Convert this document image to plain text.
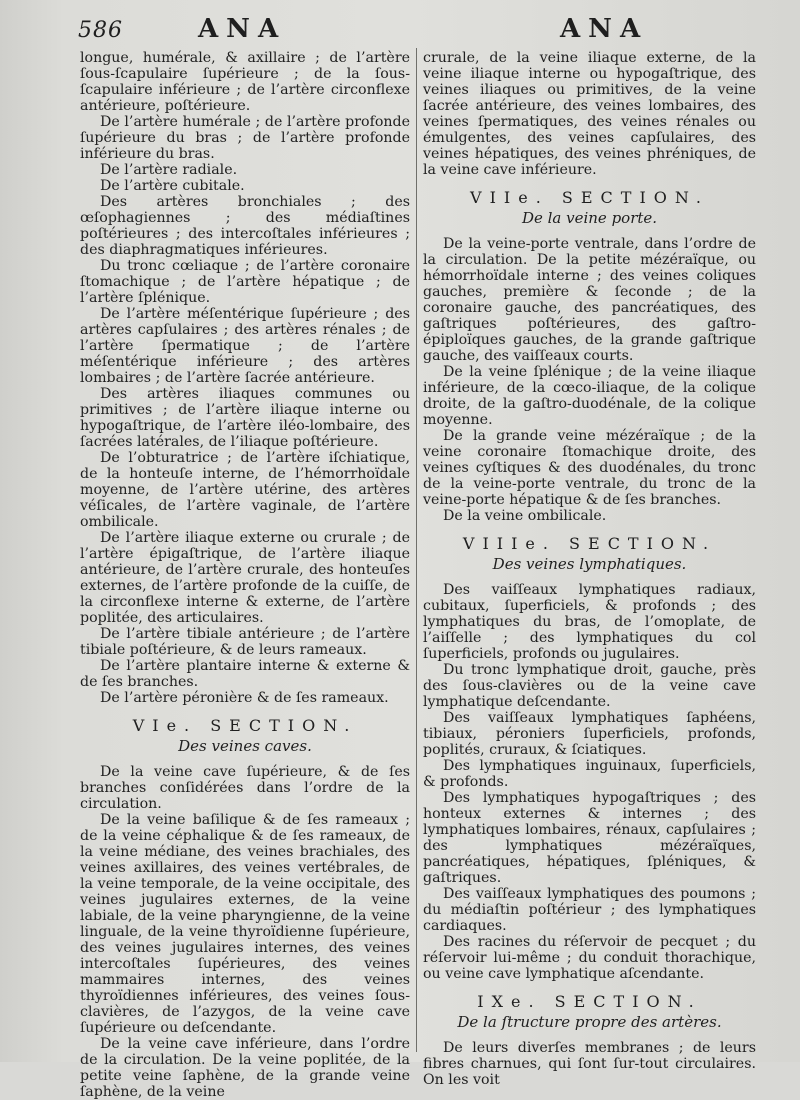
586	ANA	ANA

longue, humérale, & axillaire ; de l’artère ſous-ſcapulaire ſupérieure ; de la ſous-ſcapulaire inférieure ; de l’artère circonflexe antérieure, poſtérieure.

De l’artère humérale ; de l’artère profonde ſupérieure du bras ; de l’artère profonde inférieure du bras.

De l’artère radiale.

De l’artère cubitale.

Des artères bronchiales ; des œſophagiennes ; des médiaſtines poſtérieures ; des intercoſtales inférieures ; des diaphragmatiques inférieures.

Du tronc cœliaque ; de l’artère coronaire ſtomachique ; de l’artère hépatique ; de l’artère ſplénique.

De l’artère méſentérique ſupérieure ; des artères capſulaires ; des artères rénales ; de l’artère ſpermatique ; de l’artère méſentérique inférieure ; des artères lombaires ; de l’artère ſacrée antérieure.

Des artères iliaques communes ou primitives ; de l’artère iliaque interne ou hypogaſtrique, de l’artère iléo-lombaire, des ſacrées latérales, de l’iliaque poſtérieure.

De l’obturatrice ; de l’artère iſchiatique, de la honteuſe interne, de l’hémorrhoïdale moyenne, de l’artère utérine, des artères véſicales, de l’artère vaginale, de l’artère ombilicale.

De l’artère iliaque externe ou crurale ; de l’artère épigaſtrique, de l’artère iliaque antérieure, de l’artère crurale, des honteuſes externes, de l’artère profonde de la cuiſſe, de la circonflexe interne & externe, de l’artère poplitée, des articulaires.

De l’artère tibiale antérieure ; de l’artère tibiale poſtérieure, & de leurs rameaux.

De l’artère plantaire interne & externe & de ſes branches.

De l’artère péronière & de ſes rameaux.

VIe. SECTION.
Des veines caves.

De la veine cave ſupérieure, & de ſes branches conſidérées dans l’ordre de la circulation.

De la veine baſilique & de ſes rameaux ; de la veine céphalique & de ſes rameaux, de la veine médiane, des veines brachiales, des veines axillaires, des veines vertébrales, de la veine temporale, de la veine occipitale, des veines jugulaires externes, de la veine labiale, de la veine pharyngienne, de la veine linguale, de la veine thyroïdienne ſupérieure, des veines jugulaires internes, des veines intercoſtales ſupérieures, des veines mammaires internes, des veines thyroïdiennes inférieures, des veines ſous-clavières, de l’azygos, de la veine cave ſupérieure ou deſcendante.

De la veine cave inférieure, dans l’ordre de la circulation. De la veine poplitée, de la petite veine ſaphène, de la grande veine ſaphène, de la veine

crurale, de la veine iliaque externe, de la veine iliaque interne ou hypogaſtrique, des veines iliaques ou primitives, de la veine ſacrée antérieure, des veines lombaires, des veines ſpermatiques, des veines rénales ou émulgentes, des veines capſulaires, des veines hépatiques, des veines phréniques, de la veine cave inférieure.

VIIe. SECTION.
De la veine porte.

De la veine-porte ventrale, dans l’ordre de la circulation. De la petite mézéraïque, ou hémorrhoïdale interne ; des veines coliques gauches, première & ſeconde ; de la coronaire gauche, des pancréatiques, des gaſtriques poſtérieures, des gaſtro-épiploïques gauches, de la grande gaſtrique gauche, des vaiſſeaux courts.

De la veine ſplénique ; de la veine iliaque inférieure, de la cœco-iliaque, de la colique droite, de la gaſtro-duodénale, de la colique moyenne.

De la grande veine mézéraïque ; de la veine coronaire ſtomachique droite, des veines cyſtiques & des duodénales, du tronc de la veine-porte ventrale, du tronc de la veine-porte hépatique & de ſes branches.

De la veine ombilicale.

VIIIe. SECTION.
Des veines lymphatiques.

Des vaiſſeaux lymphatiques radiaux, cubitaux, ſuperficiels, & profonds ; des lymphatiques du bras, de l’omoplate, de l’aiſſelle ; des lymphatiques du col ſuperficiels, profonds ou jugulaires.

Du tronc lymphatique droit, gauche, près des ſous-clavières ou de la veine cave lymphatique deſcendante.

Des vaiſſeaux lymphatiques ſaphéens, tibiaux, péroniers ſuperficiels, profonds, poplités, cruraux, & ſciatiques.

Des lymphatiques inguinaux, ſuperficiels, & profonds.

Des lymphatiques hypogaſtriques ; des honteux externes & internes ; des lymphatiques lombaires, rénaux, capſulaires ; des lymphatiques mézéraïques, pancréatiques, hépatiques, ſpléniques, & gaſtriques.

Des vaiſſeaux lymphatiques des poumons ; du médiaſtin poſtérieur ; des lymphatiques cardiaques.

Des racines du réſervoir de pecquet ; du réſervoir lui-même ; du conduit thorachique, ou veine cave lymphatique aſcendante.

IXe. SECTION.
De la ſtructure propre des artères.

De leurs diverſes membranes ; de leurs fibres charnues, qui ſont ſur-tout circulaires. On les voit
